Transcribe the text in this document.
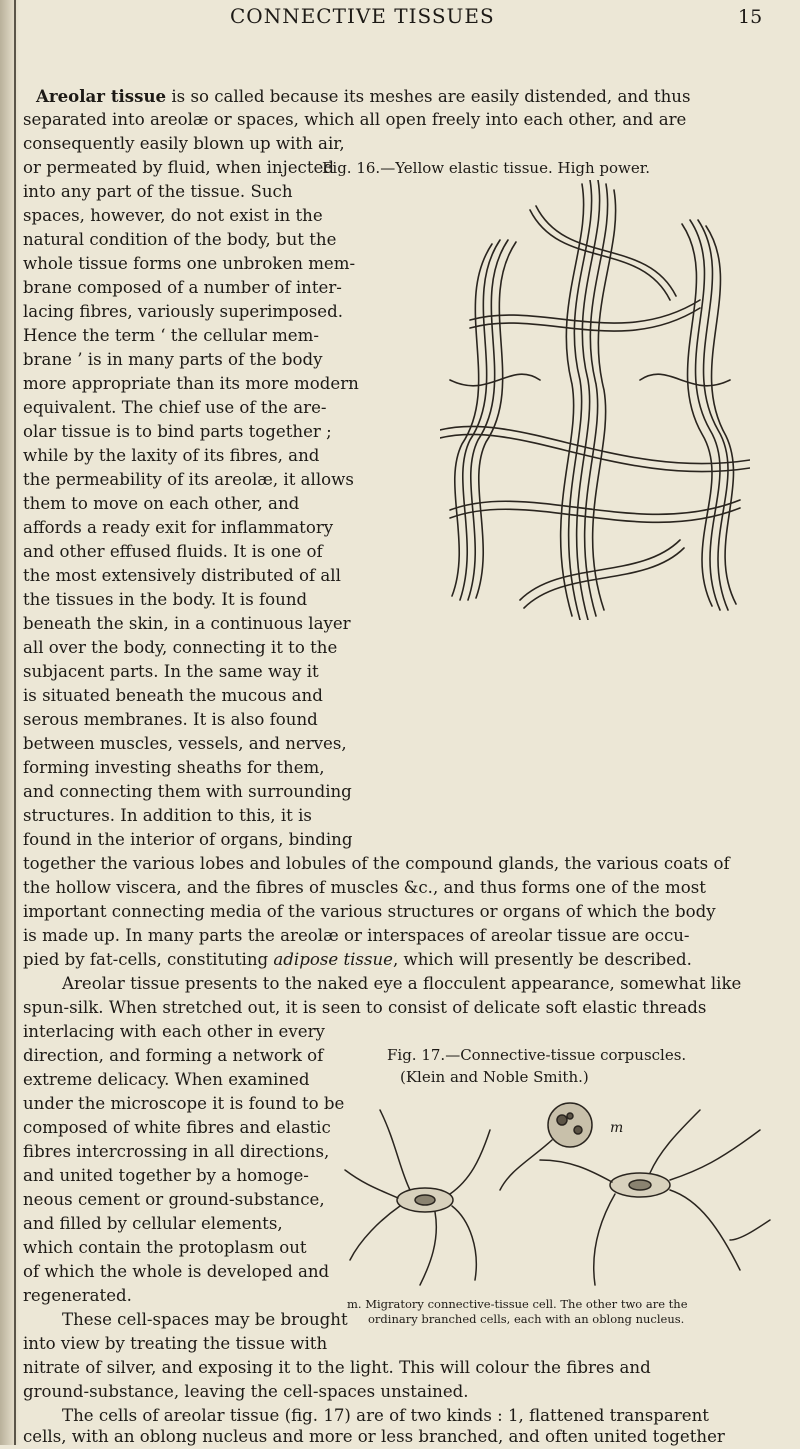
CONNECTIVE TISSUES	15
Areolar tissue is so called because its meshes are easily distended, and thus
separated into areolæ or spaces, which all open freely into each other, and are
consequently easily blown up with air,
or permeated by fluid, when injected
into any part of the tissue. Such
spaces, however, do not exist in the
natural condition of the body, but the
whole tissue forms one unbroken mem-
brane composed of a number of inter-
lacing fibres, variously superimposed.
Hence the term ‘ the cellular mem-
brane ’ is in many parts of the body
more appropriate than its more modern
equivalent. The chief use of the are-
olar tissue is to bind parts together ;
while by the laxity of its fibres, and
the permeability of its areolæ, it allows
them to move on each other, and
affords a ready exit for inflammatory
and other effused fluids. It is one of
the most extensively distributed of all
the tissues in the body. It is found
beneath the skin, in a continuous layer
all over the body, connecting it to the
subjacent parts. In the same way it
is situated beneath the mucous and
serous membranes. It is also found
between muscles, vessels, and nerves,
forming investing sheaths for them,
and connecting them with surrounding
structures. In addition to this, it is
found in the interior of organs, binding
together the various lobes and lobules of the compound glands, the various coats of
the hollow viscera, and the fibres of muscles &c., and thus forms one of the most
important connecting media of the various structures or organs of which the body
is made up. In many parts the areolæ or interspaces of areolar tissue are occu-
pied by fat-cells, constituting adipose tissue, which will presently be described.
Areolar tissue presents to the naked eye a flocculent appearance, somewhat like
spun-silk. When stretched out, it is seen to consist of delicate soft elastic threads
interlacing with each other in every
direction, and forming a network of
extreme delicacy. When examined
under the microscope it is found to be
composed of white fibres and elastic
fibres intercrossing in all directions,
and united together by a homoge-
neous cement or ground-substance,
and filled by cellular elements,
which contain the protoplasm out
of which the whole is developed and
regenerated.
These cell-spaces may be brought
into view by treating the tissue with
nitrate of silver, and exposing it to the light. This will colour the fibres and
ground-substance, leaving the cell-spaces unstained.
The cells of areolar tissue (fig. 17) are of two kinds : 1, flattened transparent
cells, with an oblong nucleus and more or less branched, and often united together
Fig. 16.—Yellow elastic tissue. High power.
Fig. 17.—Connective-tissue corpuscles.
(Klein and Noble Smith.)
m
m. Migratory connective-tissue cell. The other two are the
ordinary branched cells, each with an oblong nucleus.
